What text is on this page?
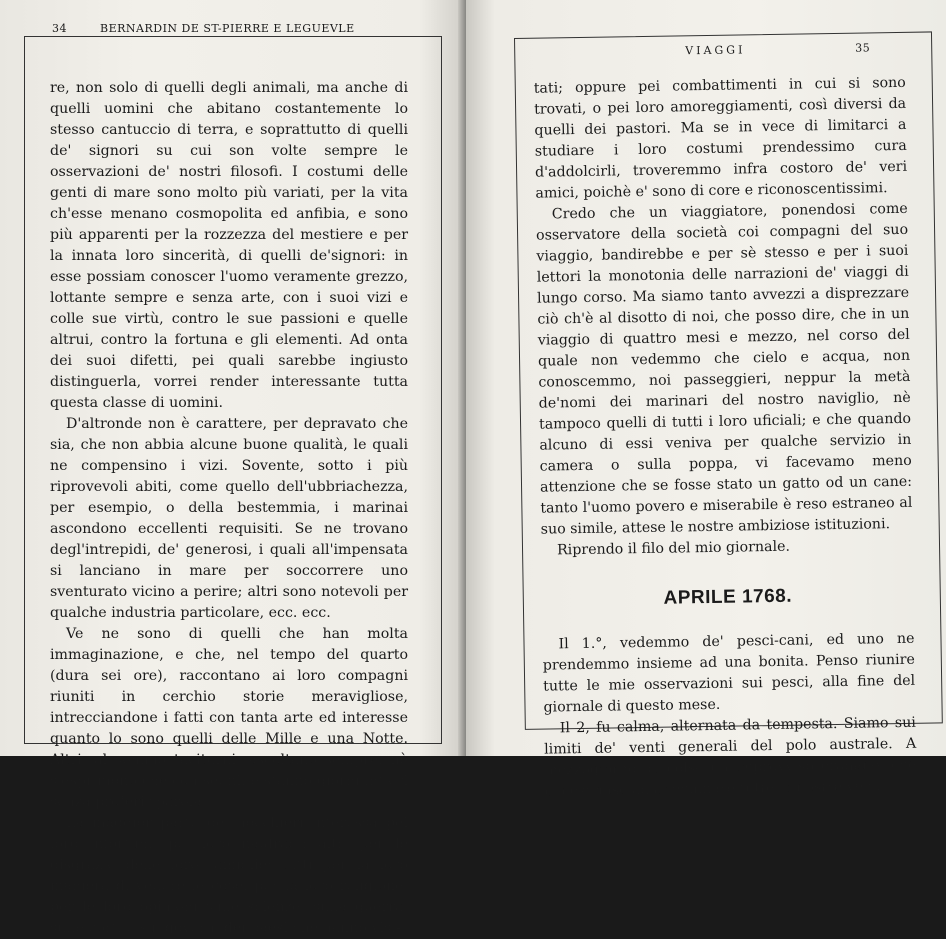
34	BERNARDIN DE ST-PIERRE E LEGUEVLE

re, non solo di quelli degli animali, ma anche di quelli uomini che abitano costantemente lo stesso cantuccio di terra, e soprattutto di quelli de' signori su cui son volte sempre le osservazioni de' nostri filosofi. I costumi delle genti di mare sono molto più variati, per la vita ch'esse menano cosmopolita ed anfibia, e sono più apparenti per la rozzezza del mestiere e per la innata loro sincerità, di quelli de'signori: in esse possiam conoscer l'uomo veramente grezzo, lottante sempre e senza arte, con i suoi vizi e colle sue virtù, contro le sue passioni e quelle altrui, contro la fortuna e gli elementi. Ad onta dei suoi difetti, pei quali sarebbe ingiusto distinguerla, vorrei render interessante tutta questa classe di uomini.

D'altronde non è carattere, per depravato che sia, che non abbia alcune buone qualità, le quali ne compensino i vizi. Sovente, sotto i più riprovevoli abiti, come quello dell'ubbriachezza, per esempio, o della bestemmia, i marinai ascondono eccellenti requisiti. Se ne trovano degl'intrepidi, de' generosi, i quali all'impensata si lanciano in mare per soccorrere uno sventurato vicino a perire; altri sono notevoli per qualche industria particolare, ecc. ecc.

Ve ne sono di quelli che han molta immaginazione, e che, nel tempo del quarto (dura sei ore), raccontano ai loro compagni riuniti in cerchio storie meravigliose, intrecciandone i fatti con tanta arte ed interesse quanto lo sono quelli delle Mille e una Notte. Altri, al sommo taciturni, ascoltano sempre, nè s'esprimono che con segni, e stanno giorni intieri senza proferir parola.

La maggior parte de' nocchieri interessa pei loro infortuni, pei loro naufragi; altri per le disgrazie delle loro famiglie; tutti per la loro maniera di vedere le cose, per la loro religione, per le loro opinioni sulle scienze, sulla guerra, sulle corti e sui governi dei paesi che hanno visi-

VIAGGI	35

tati; oppure pei combattimenti in cui si sono trovati, o pei loro amoreggiamenti, così diversi da quelli dei pastori. Ma se in vece di limitarci a studiare i loro costumi prendessimo cura d'addolcirli, troveremmo infra costoro de' veri amici, poichè e' sono di core e riconoscentissimi.

Credo che un viaggiatore, ponendosi come osservatore della società coi compagni del suo viaggio, bandirebbe e per sè stesso e per i suoi lettori la monotonia delle narrazioni de' viaggi di lungo corso. Ma siamo tanto avvezzi a disprezzare ciò ch'è al disotto di noi, che posso dire, che in un viaggio di quattro mesi e mezzo, nel corso del quale non vedemmo che cielo e acqua, non conoscemmo, noi passeggieri, neppur la metà de'nomi dei marinari del nostro naviglio, nè tampoco quelli di tutti i loro uficiali; e che quando alcuno di essi veniva per qualche servizio in camera o sulla poppa, vi facevamo meno attenzione che se fosse stato un gatto od un cane: tanto l'uomo povero e miserabile è reso estraneo al suo simile, attese le nostre ambiziose istituzioni.

Riprendo il filo del mio giornale.

APRILE 1768.

Il 1.°, vedemmo de' pesci-cani, ed uno ne prendemmo insieme ad una bonita. Penso riunire tutte le mie osservazioni sui pesci, alla fine del giornale di questo mese.

Il 2, fu calma, alternata da tempesta. Siamo sui limiti de' venti generali del polo australe. A mezzogiorno, ci colse un improvviso oragano, che ci costrinse ad ammainare tutte le nostre vele.
